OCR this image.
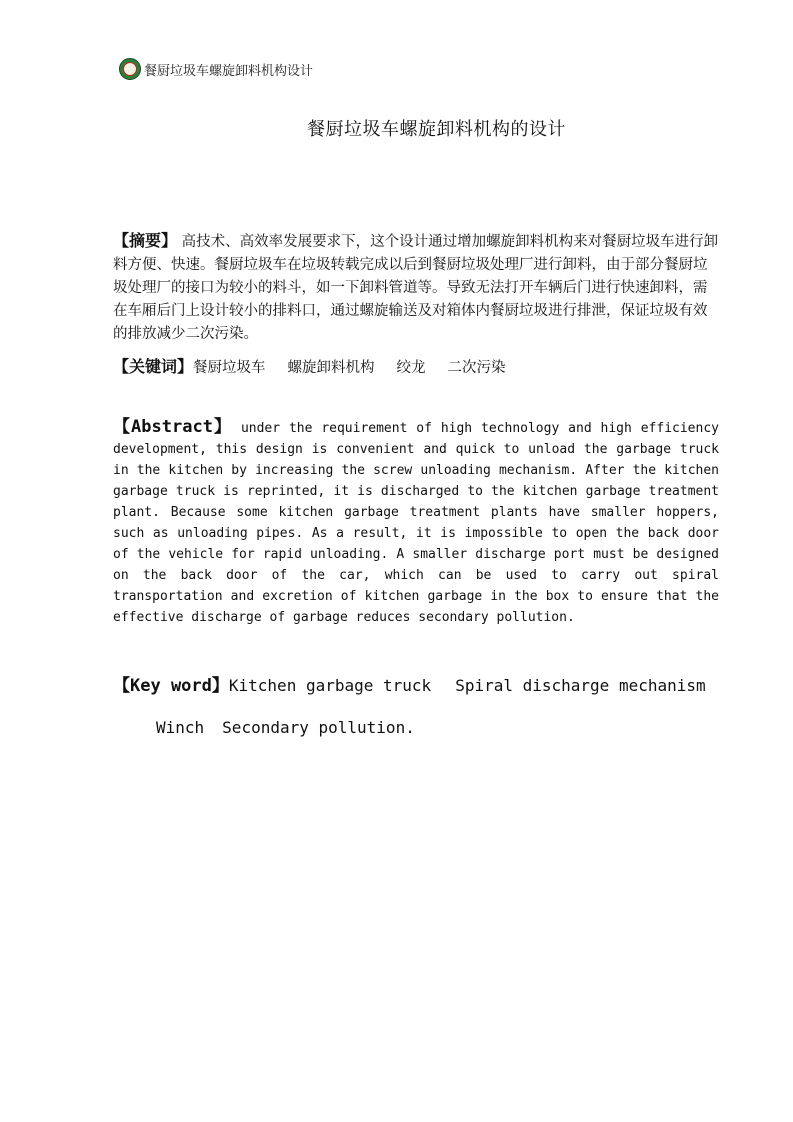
餐厨垃圾车螺旋卸料机构设计
餐厨垃圾车螺旋卸料机构的设计
【摘要】 高技术、高效率发展要求下，这个设计通过增加螺旋卸料机构来对餐厨垃圾车进行卸料方便、快速。餐厨垃圾车在垃圾转载完成以后到餐厨垃圾处理厂进行卸料，由于部分餐厨垃圾处理厂的接口为较小的料斗，如一下卸料管道等。导致无法打开车辆后门进行快速卸料，需在车厢后门上设计较小的排料口，通过螺旋输送及对箱体内餐厨垃圾进行排泄，保证垃圾有效的排放减少二次污染。
【关键词】餐厨垃圾车 螺旋卸料机构 绞龙 二次污染
【Abstract】 under the requirement of high technology and high efficiency development, this design is convenient and quick to unload the garbage truck in the kitchen by increasing the screw unloading mechanism. After the kitchen garbage truck is reprinted, it is discharged to the kitchen garbage treatment plant. Because some kitchen garbage treatment plants have smaller hoppers, such as unloading pipes. As a result, it is impossible to open the back door of the vehicle for rapid unloading. A smaller discharge port must be designed on the back door of the car, which can be used to carry out spiral transportation and excretion of kitchen garbage in the box to ensure that the effective discharge of garbage reduces secondary pollution.
【Key word】Kitchen garbage truck Spiral discharge mechanism
Winch Secondary pollution.
